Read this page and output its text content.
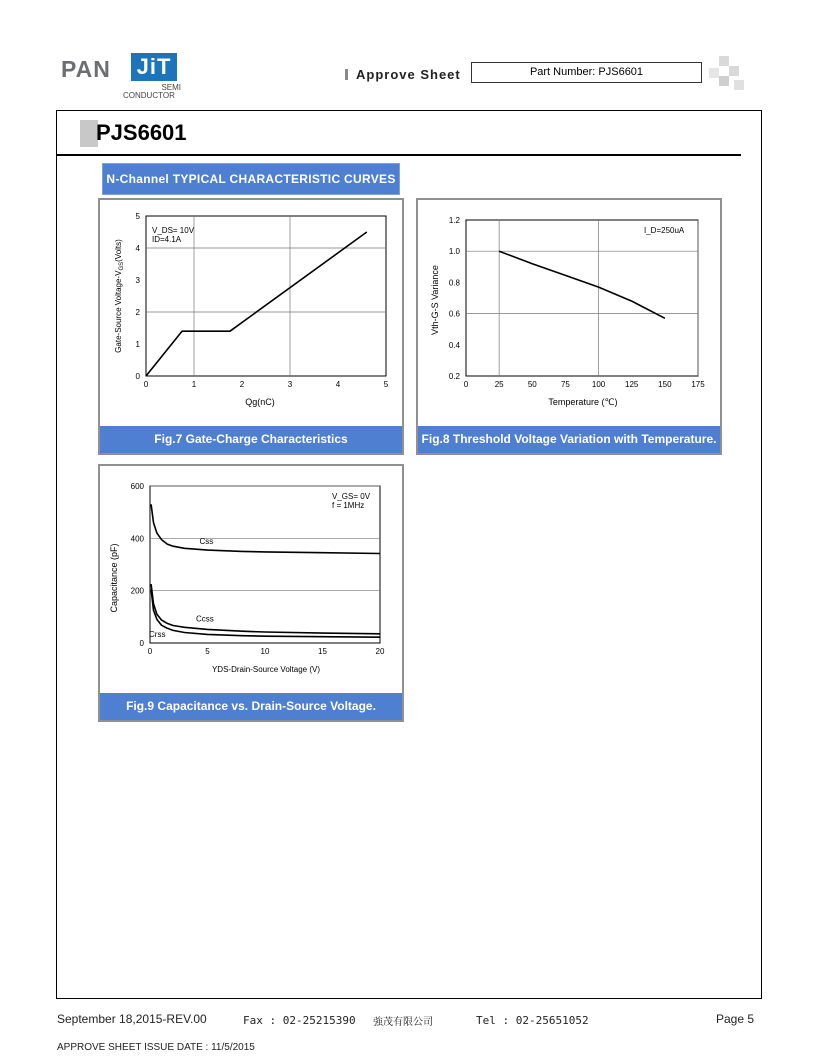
PAN JiT
SEMI
CONDUCTOR
Approve Sheet	Part Number: PJS6601
PJS6601
N-Channel TYPICAL CHARACTERISTIC CURVES
Qg(nC)
Gate-Source Voltage-$V_{GS}(Volts)$
V_DS= 10V
ID=4.1A
0	1	2	3	4	5
0
1
2
3
4
5
Fig.7 Gate-Charge Characteristics
Temperature (℃)
Vth-G-S Variance
I_D=250uA
0	25	50	75	100 125 150 175
0.2
0.4
0.6
0.8
1.0
1.2
Fig.8 Threshold Voltage Variation with Temperature.
YDS-Drain-Source Voltage (V)
Capacitance (pF)
V_GS= 0V
f = 1MHz
0	5	10	15	20
0
200
400
600
Css
Ccss
Crss
Fig.9 Capacitance vs. Drain-Source Voltage.
September 18,2015-REV.00	Fax : 02-25215390 強茂有限公司	Tel : 02-25651052	Page 5
APPROVE SHEET ISSUE DATE : 11/5/2015
